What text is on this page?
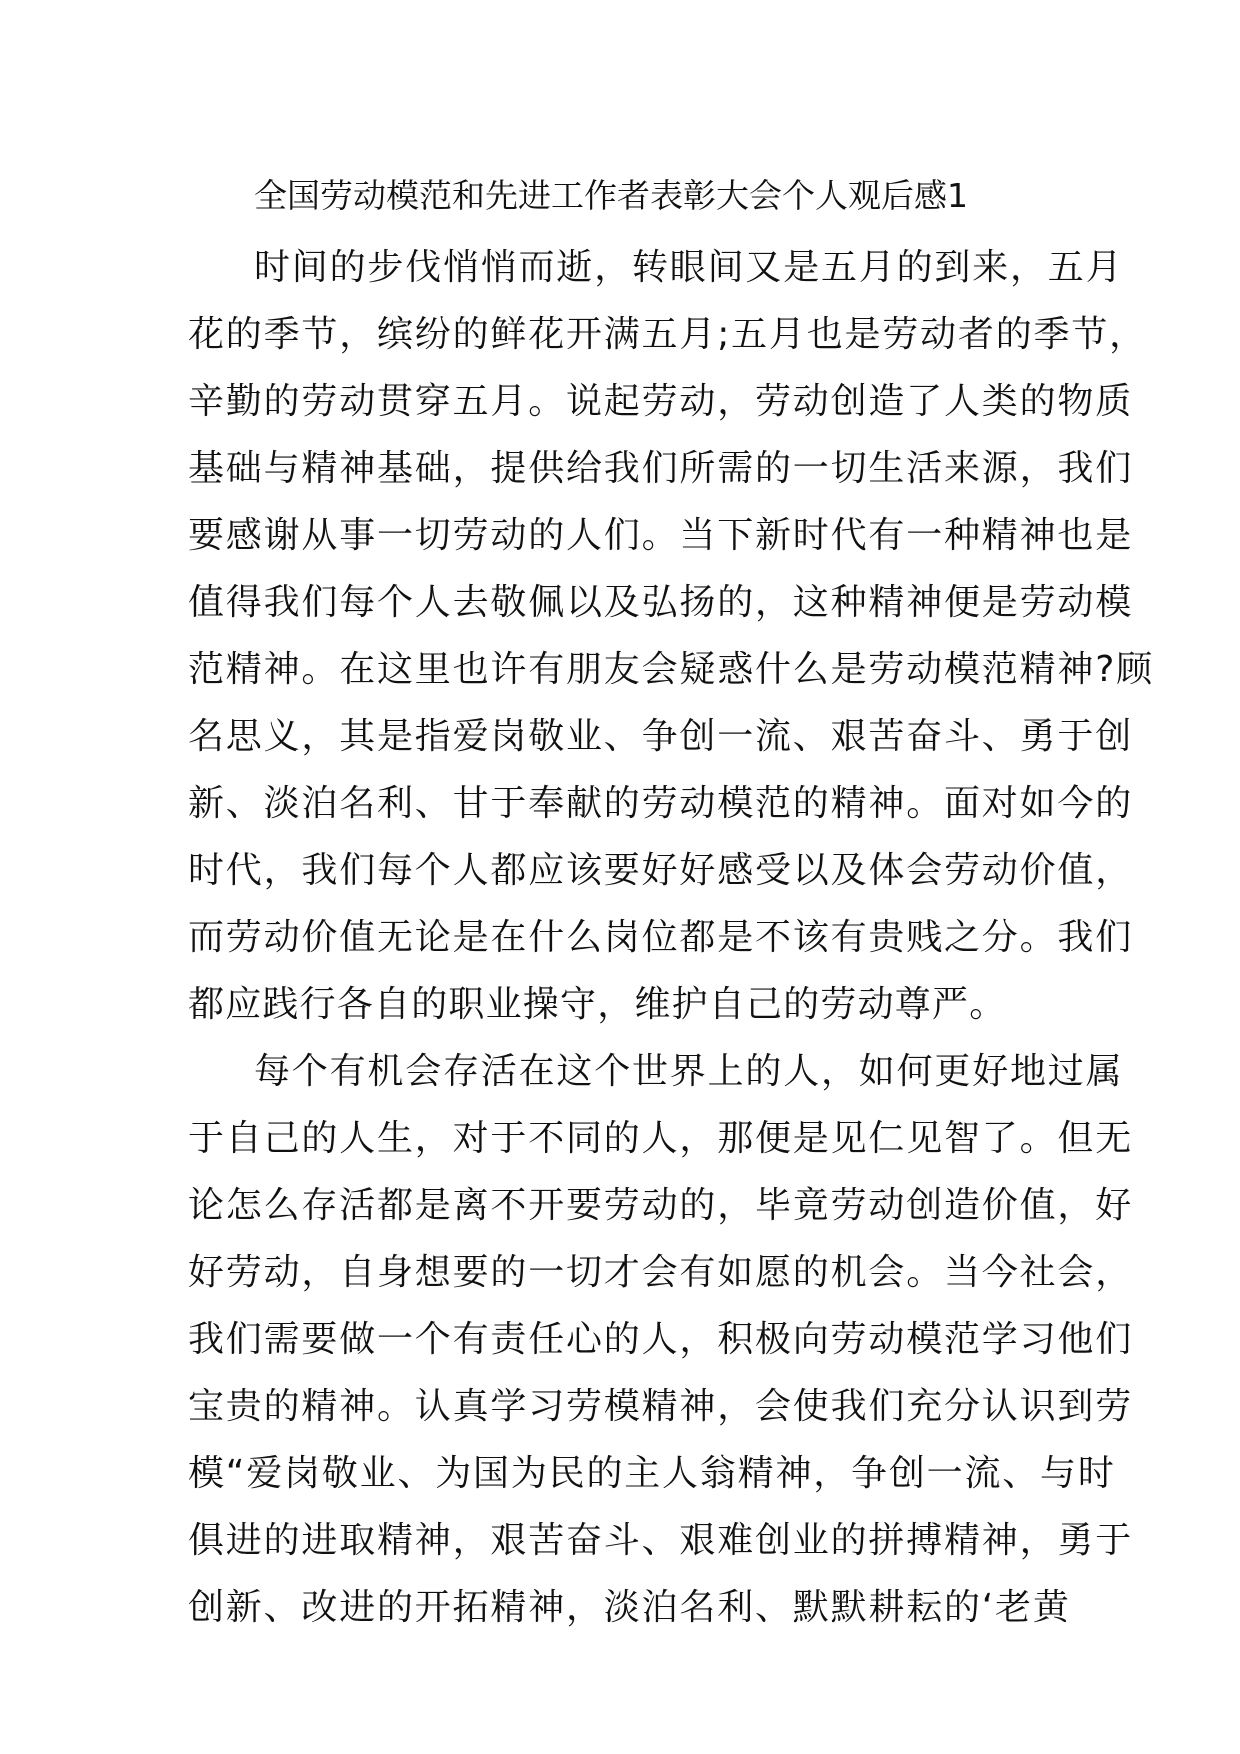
全国劳动模范和先进工作者表彰大会个人观后感1
时间的步伐悄悄而逝，转眼间又是五月的到来，五月
花的季节，缤纷的鲜花开满五月;五月也是劳动者的季节，
辛勤的劳动贯穿五月。说起劳动，劳动创造了人类的物质
基础与精神基础，提供给我们所需的一切生活来源，我们
要感谢从事一切劳动的人们。当下新时代有一种精神也是
值得我们每个人去敬佩以及弘扬的，这种精神便是劳动模
范精神。在这里也许有朋友会疑惑什么是劳动模范精神?顾
名思义，其是指爱岗敬业、争创一流、艰苦奋斗、勇于创
新、淡泊名利、甘于奉献的劳动模范的精神。面对如今的
时代，我们每个人都应该要好好感受以及体会劳动价值，
而劳动价值无论是在什么岗位都是不该有贵贱之分。我们
都应践行各自的职业操守，维护自己的劳动尊严。
每个有机会存活在这个世界上的人，如何更好地过属
于自己的人生，对于不同的人，那便是见仁见智了。但无
论怎么存活都是离不开要劳动的，毕竟劳动创造价值，好
好劳动，自身想要的一切才会有如愿的机会。当今社会，
我们需要做一个有责任心的人，积极向劳动模范学习他们
宝贵的精神。认真学习劳模精神，会使我们充分认识到劳
模“爱岗敬业、为国为民的主人翁精神，争创一流、与时
俱进的进取精神，艰苦奋斗、艰难创业的拼搏精神，勇于
创新、改进的开拓精神，淡泊名利、默默耕耘的‘老黄
